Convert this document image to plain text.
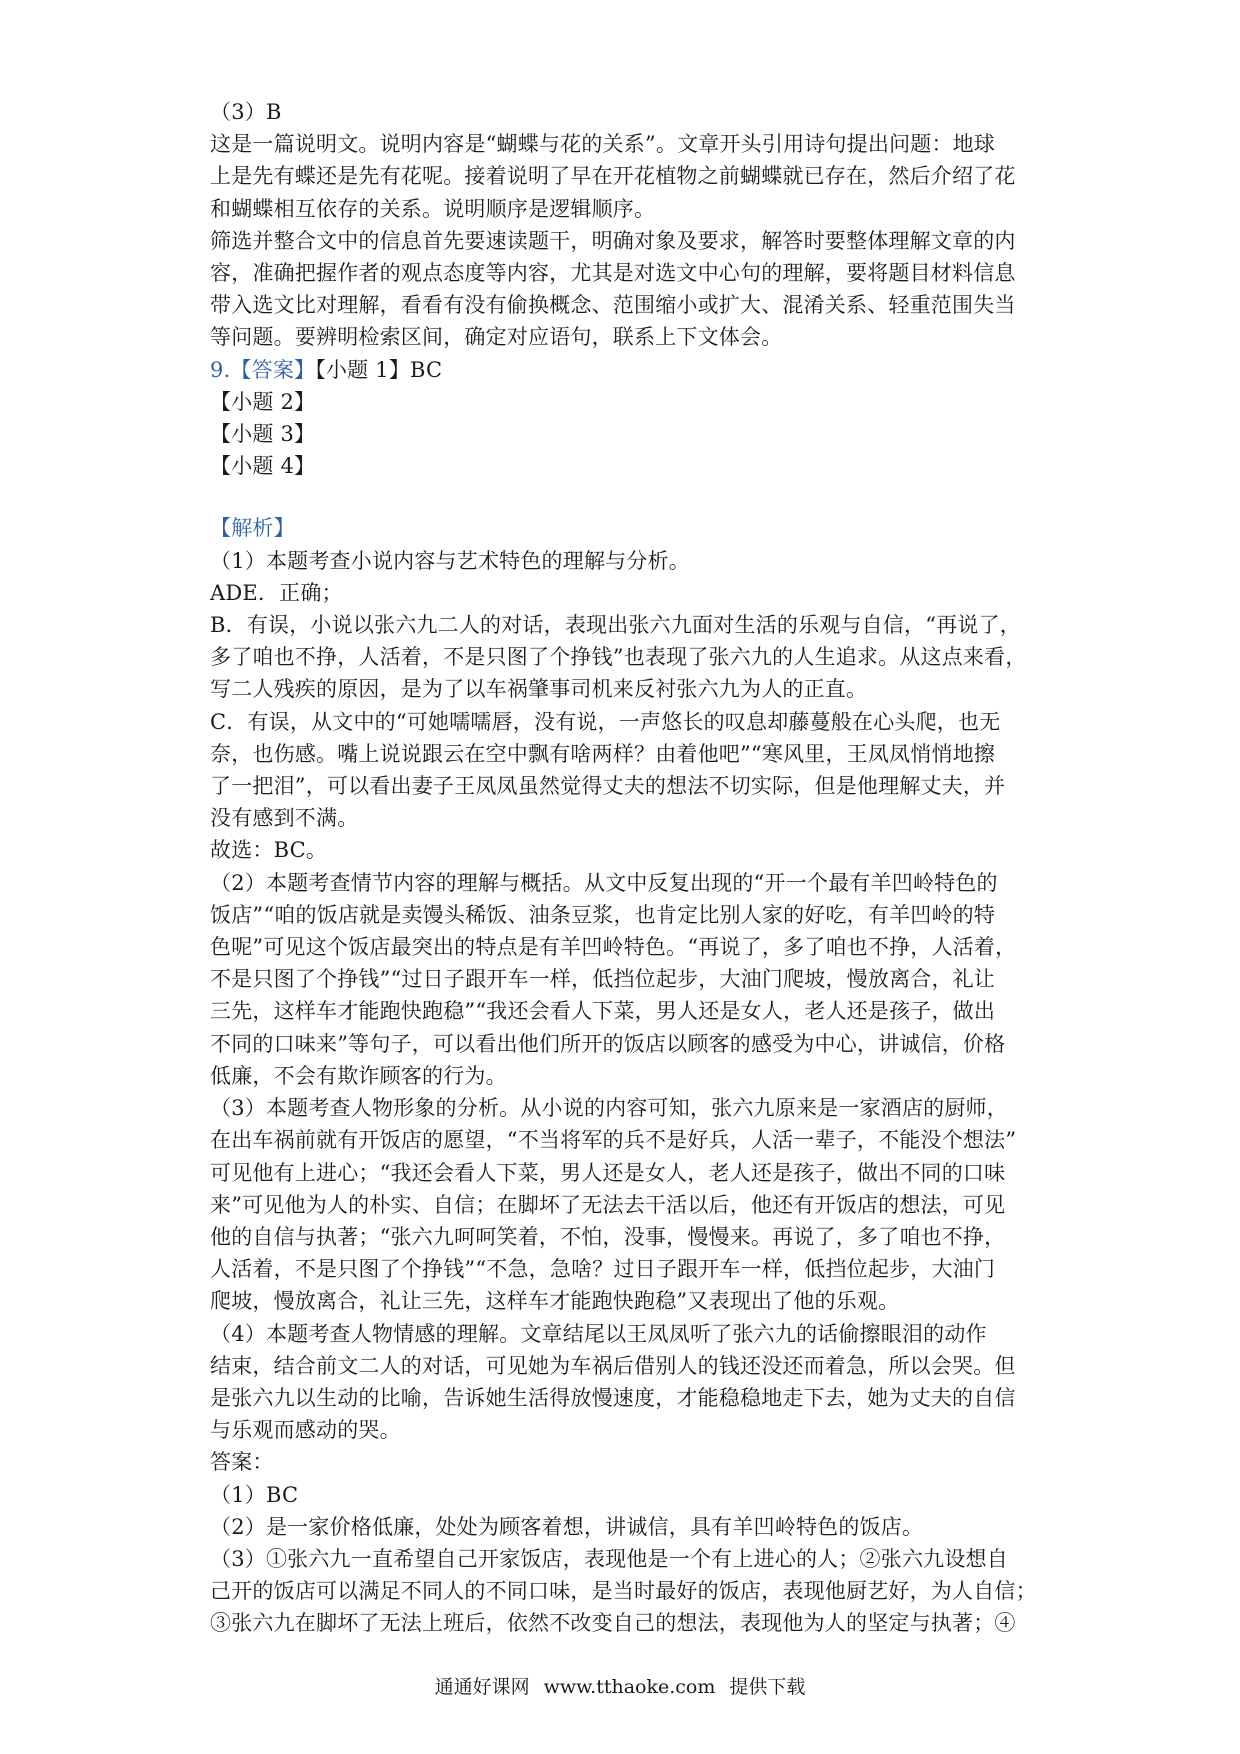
（3）B
这是一篇说明文。说明内容是“蝴蝶与花的关系”。文章开头引用诗句提出问题：地球
上是先有蝶还是先有花呢。接着说明了早在开花植物之前蝴蝶就已存在，然后介绍了花
和蝴蝶相互依存的关系。说明顺序是逻辑顺序。
筛选并整合文中的信息首先要速读题干，明确对象及要求，解答时要整体理解文章的内
容，准确把握作者的观点态度等内容，尤其是对选文中心句的理解，要将题目材料信息
带入选文比对理解，看看有没有偷换概念、范围缩小或扩大、混淆关系、轻重范围失当
等问题。要辨明检索区间，确定对应语句，联系上下文体会。
9.【答案】【小题 1】BC
【小题 2】
【小题 3】
【小题 4】
【解析】
（1）本题考查小说内容与艺术特色的理解与分析。
ADE．正确；
B．有误，小说以张六九二人的对话，表现出张六九面对生活的乐观与自信，“再说了，
多了咱也不挣，人活着，不是只图了个挣钱”也表现了张六九的人生追求。从这点来看，
写二人残疾的原因，是为了以车祸肇事司机来反衬张六九为人的正直。
C．有误，从文中的“可她嚅嚅唇，没有说，一声悠长的叹息却藤蔓般在心头爬，也无
奈，也伤感。嘴上说说跟云在空中飘有啥两样？由着他吧”“寒风里，王凤凤悄悄地擦
了一把泪”，可以看出妻子王凤凤虽然觉得丈夫的想法不切实际，但是他理解丈夫，并
没有感到不满。
故选：BC。
（2）本题考查情节内容的理解与概括。从文中反复出现的“开一个最有羊凹岭特色的
饭店”“咱的饭店就是卖馒头稀饭、油条豆浆，也肯定比别人家的好吃，有羊凹岭的特
色呢”可见这个饭店最突出的特点是有羊凹岭特色。“再说了，多了咱也不挣，人活着，
不是只图了个挣钱”“过日子跟开车一样，低挡位起步，大油门爬坡，慢放离合，礼让
三先，这样车才能跑快跑稳”“我还会看人下菜，男人还是女人，老人还是孩子，做出
不同的口味来”等句子，可以看出他们所开的饭店以顾客的感受为中心，讲诚信，价格
低廉，不会有欺诈顾客的行为。
（3）本题考查人物形象的分析。从小说的内容可知，张六九原来是一家酒店的厨师，
在出车祸前就有开饭店的愿望，“不当将军的兵不是好兵，人活一辈子，不能没个想法”
可见他有上进心；“我还会看人下菜，男人还是女人，老人还是孩子，做出不同的口味
来”可见他为人的朴实、自信；在脚坏了无法去干活以后，他还有开饭店的想法，可见
他的自信与执著；“张六九呵呵笑着，不怕，没事，慢慢来。再说了，多了咱也不挣，
人活着，不是只图了个挣钱”“不急，急啥？过日子跟开车一样，低挡位起步，大油门
爬坡，慢放离合，礼让三先，这样车才能跑快跑稳”又表现出了他的乐观。
（4）本题考查人物情感的理解。文章结尾以王凤凤听了张六九的话偷擦眼泪的动作
结束，结合前文二人的对话，可见她为车祸后借别人的钱还没还而着急，所以会哭。但
是张六九以生动的比喻，告诉她生活得放慢速度，才能稳稳地走下去，她为丈夫的自信
与乐观而感动的哭。
答案：
（1）BC
（2）是一家价格低廉，处处为顾客着想，讲诚信，具有羊凹岭特色的饭店。
（3）①张六九一直希望自己开家饭店，表现他是一个有上进心的人；②张六九设想自
己开的饭店可以满足不同人的不同口味，是当时最好的饭店，表现他厨艺好，为人自信；
③张六九在脚坏了无法上班后，依然不改变自己的想法，表现他为人的坚定与执著；④
通通好课网 www.tthaoke.com 提供下载
